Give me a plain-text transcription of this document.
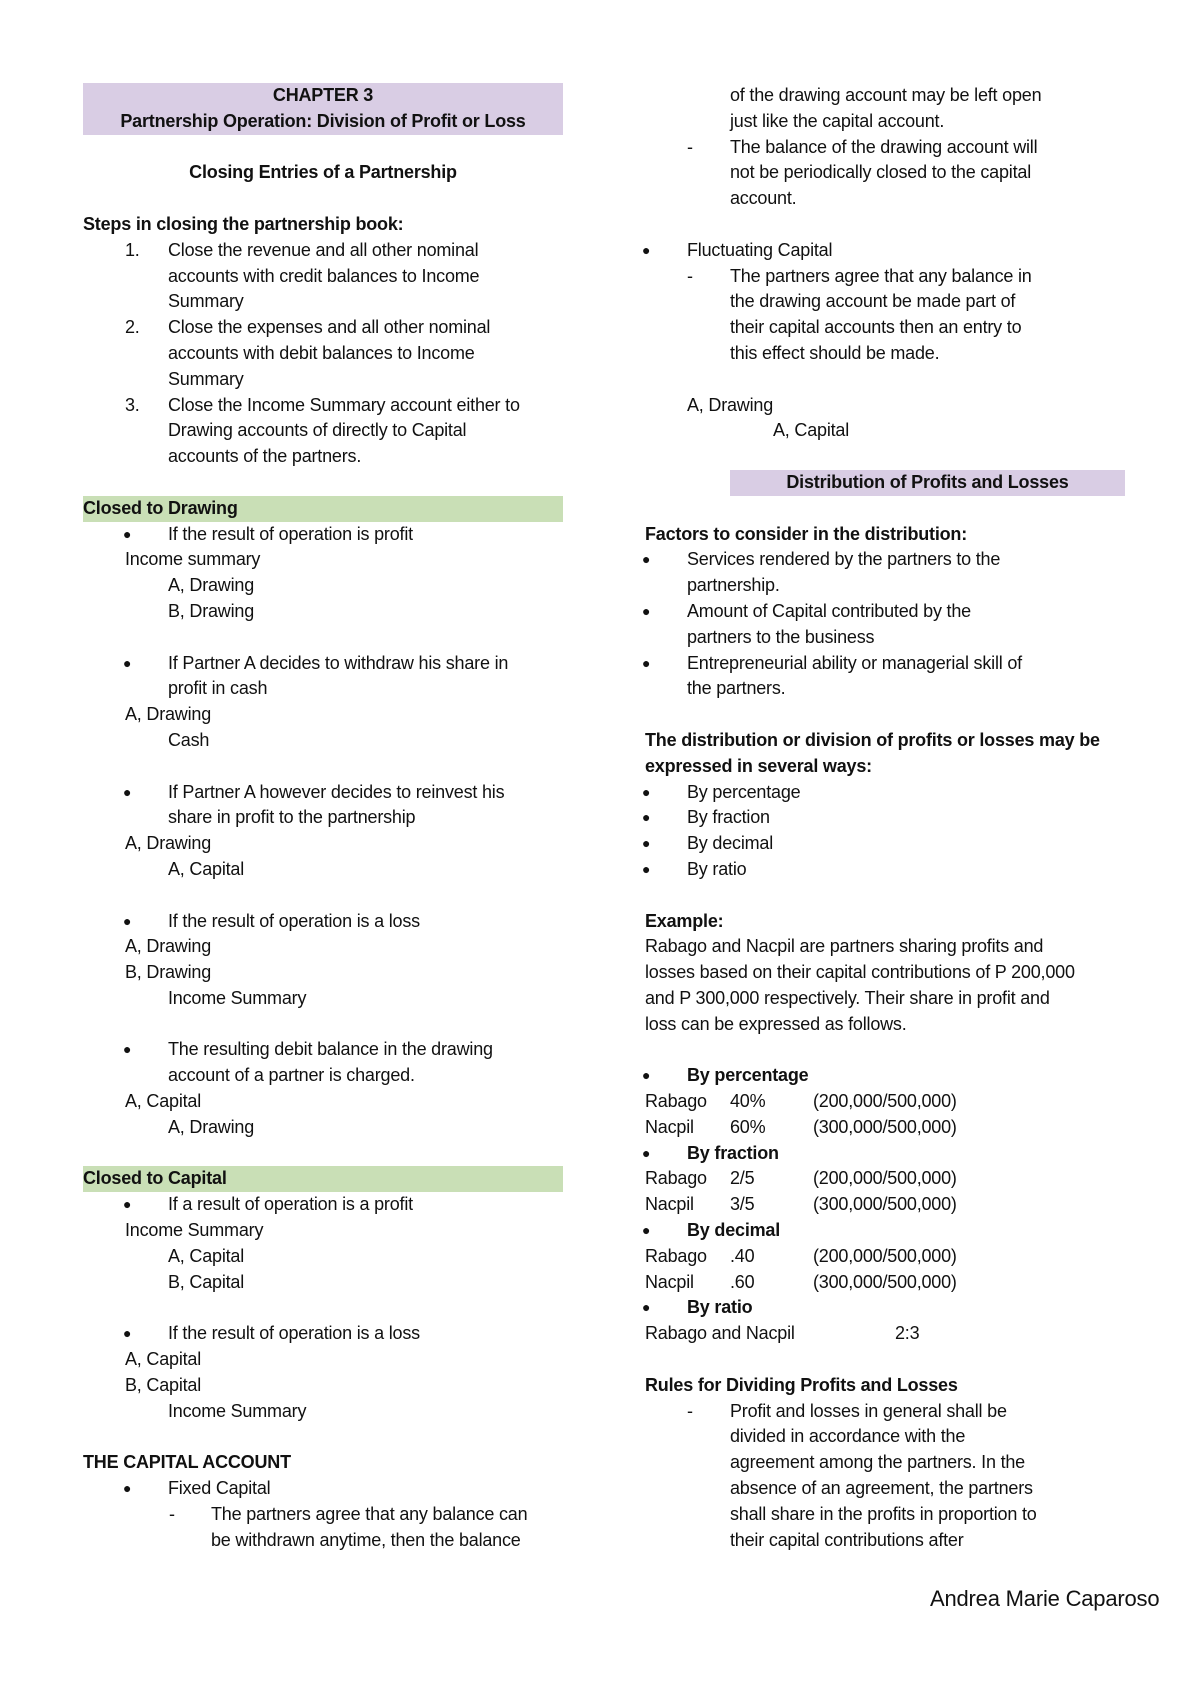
CHAPTER 3
Partnership Operation: Division of Profit or Loss
Closing Entries of a Partnership
Steps in closing the partnership book:
1. Close the revenue and all other nominal
accounts with credit balances to Income
Summary
2. Close the expenses and all other nominal
accounts with debit balances to Income
Summary
3. Close the Income Summary account either to
Drawing accounts of directly to Capital
accounts of the partners.
Closed to Drawing
● If the result of operation is profit
Income summary
A, Drawing
B, Drawing
● If Partner A decides to withdraw his share in
profit in cash
A, Drawing
Cash
● If Partner A however decides to reinvest his
share in profit to the partnership
A, Drawing
A, Capital
● If the result of operation is a loss
A, Drawing
B, Drawing
Income Summary
● The resulting debit balance in the drawing
account of a partner is charged.
A, Capital
A, Drawing
Closed to Capital
● If a result of operation is a profit
Income Summary
A, Capital
B, Capital
● If the result of operation is a loss
A, Capital
B, Capital
Income Summary
THE CAPITAL ACCOUNT
● Fixed Capital
- The partners agree that any balance can
be withdrawn anytime, then the balance
of the drawing account may be left open
just like the capital account.
- The balance of the drawing account will
not be periodically closed to the capital
account.
● Fluctuating Capital
- The partners agree that any balance in
the drawing account be made part of
their capital accounts then an entry to
this effect should be made.
A, Drawing
A, Capital
Distribution of Profits and Losses
Factors to consider in the distribution:
● Services rendered by the partners to the
partnership.
● Amount of Capital contributed by the
partners to the business
● Entrepreneurial ability or managerial skill of
the partners.
The distribution or division of profits or losses may be
expressed in several ways:
● By percentage
● By fraction
● By decimal
● By ratio
Example:
Rabago and Nacpil are partners sharing profits and
losses based on their capital contributions of P 200,000
and P 300,000 respectively. Their share in profit and
loss can be expressed as follows.
● By percentage
Rabago 40%	(200,000/500,000)
Nacpil 60%	(300,000/500,000)
● By fraction
Rabago 2/5	(200,000/500,000)
Nacpil 3/5	(300,000/500,000)
● By decimal
Rabago .40	(200,000/500,000)
Nacpil .60	(300,000/500,000)
● By ratio
Rabago and Nacpil	2:3
Rules for Dividing Profits and Losses
- Profit and losses in general shall be
divided in accordance with the
agreement among the partners. In the
absence of an agreement, the partners
shall share in the profits in proportion to
their capital contributions after
Andrea Marie Caparoso
